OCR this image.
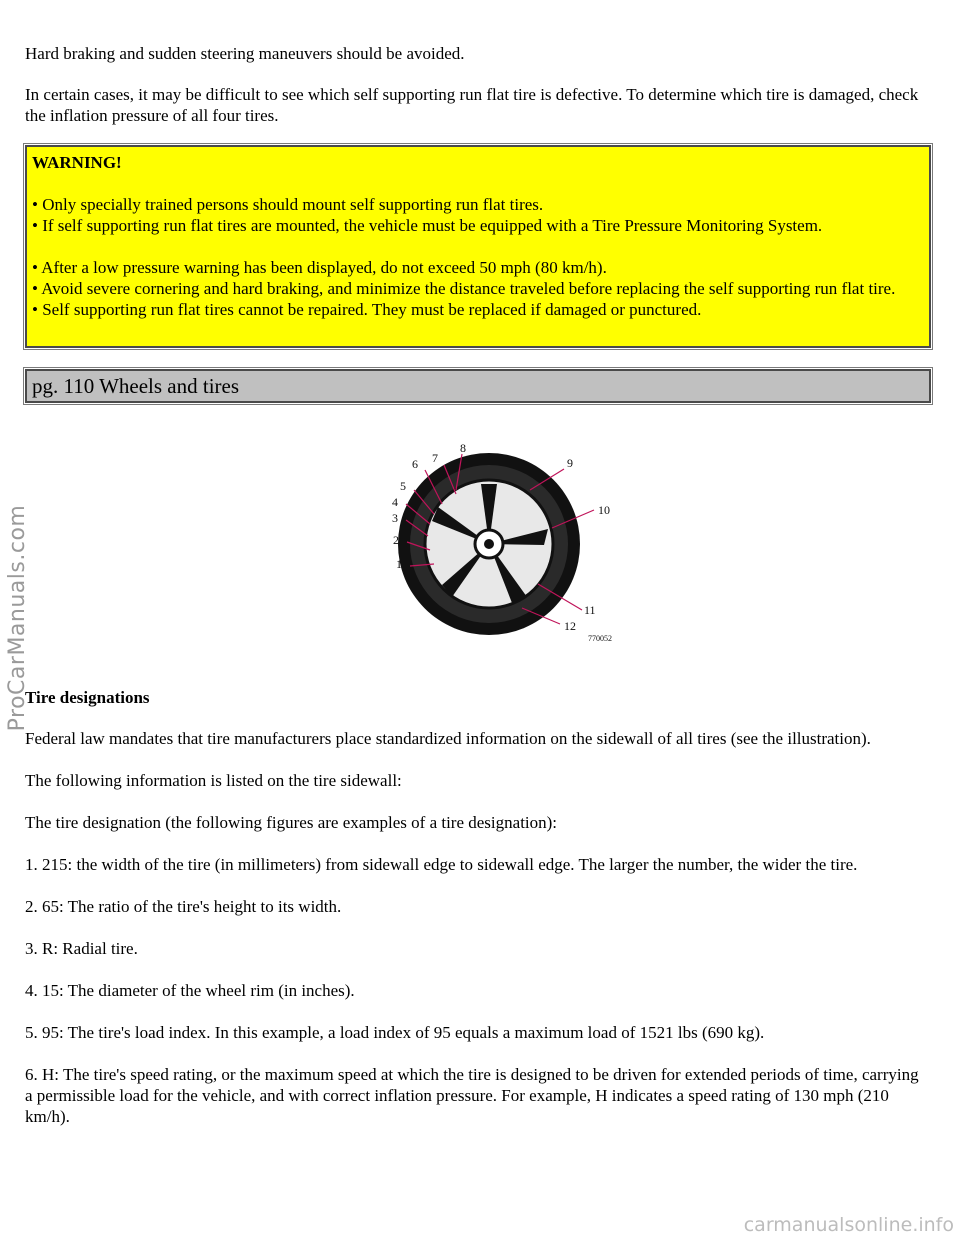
Hard braking and sudden steering maneuvers should be avoided.

In certain cases, it may be difficult to see which self supporting run flat tire is defective. To determine which tire is damaged, check the inflation pressure of all four tires.

WARNING!
• Only specially trained persons should mount self supporting run flat tires.
• If self supporting run flat tires are mounted, the vehicle must be equipped with a Tire Pressure Monitoring System.
• After a low pressure warning has been displayed, do not exceed 50 mph (80 km/h).
• Avoid severe cornering and hard braking, and minimize the distance traveled before replacing the self supporting run flat tire.
• Self supporting run flat tires cannot be repaired. They must be replaced if damaged or punctured.
pg. 110 Wheels and tires
1
2
3
4
5
6 7
8
9
10
11
12
770052
Tire designations

Federal law mandates that tire manufacturers place standardized information on the sidewall of all tires (see the illustration).

The following information is listed on the tire sidewall:

The tire designation (the following figures are examples of a tire designation):

1. 215: the width of the tire (in millimeters) from sidewall edge to sidewall edge. The larger the number, the wider the tire.

2. 65: The ratio of the tire's height to its width.

3. R: Radial tire.

4. 15: The diameter of the wheel rim (in inches).

5. 95: The tire's load index. In this example, a load index of 95 equals a maximum load of 1521 lbs (690 kg).

6. H: The tire's speed rating, or the maximum speed at which the tire is designed to be driven for extended periods of time, carrying a permissible load for the vehicle, and with correct inflation pressure. For example, H indicates a speed rating of 130 mph (210 km/h).

ProCarManuals.com
carmanualsonline.info
